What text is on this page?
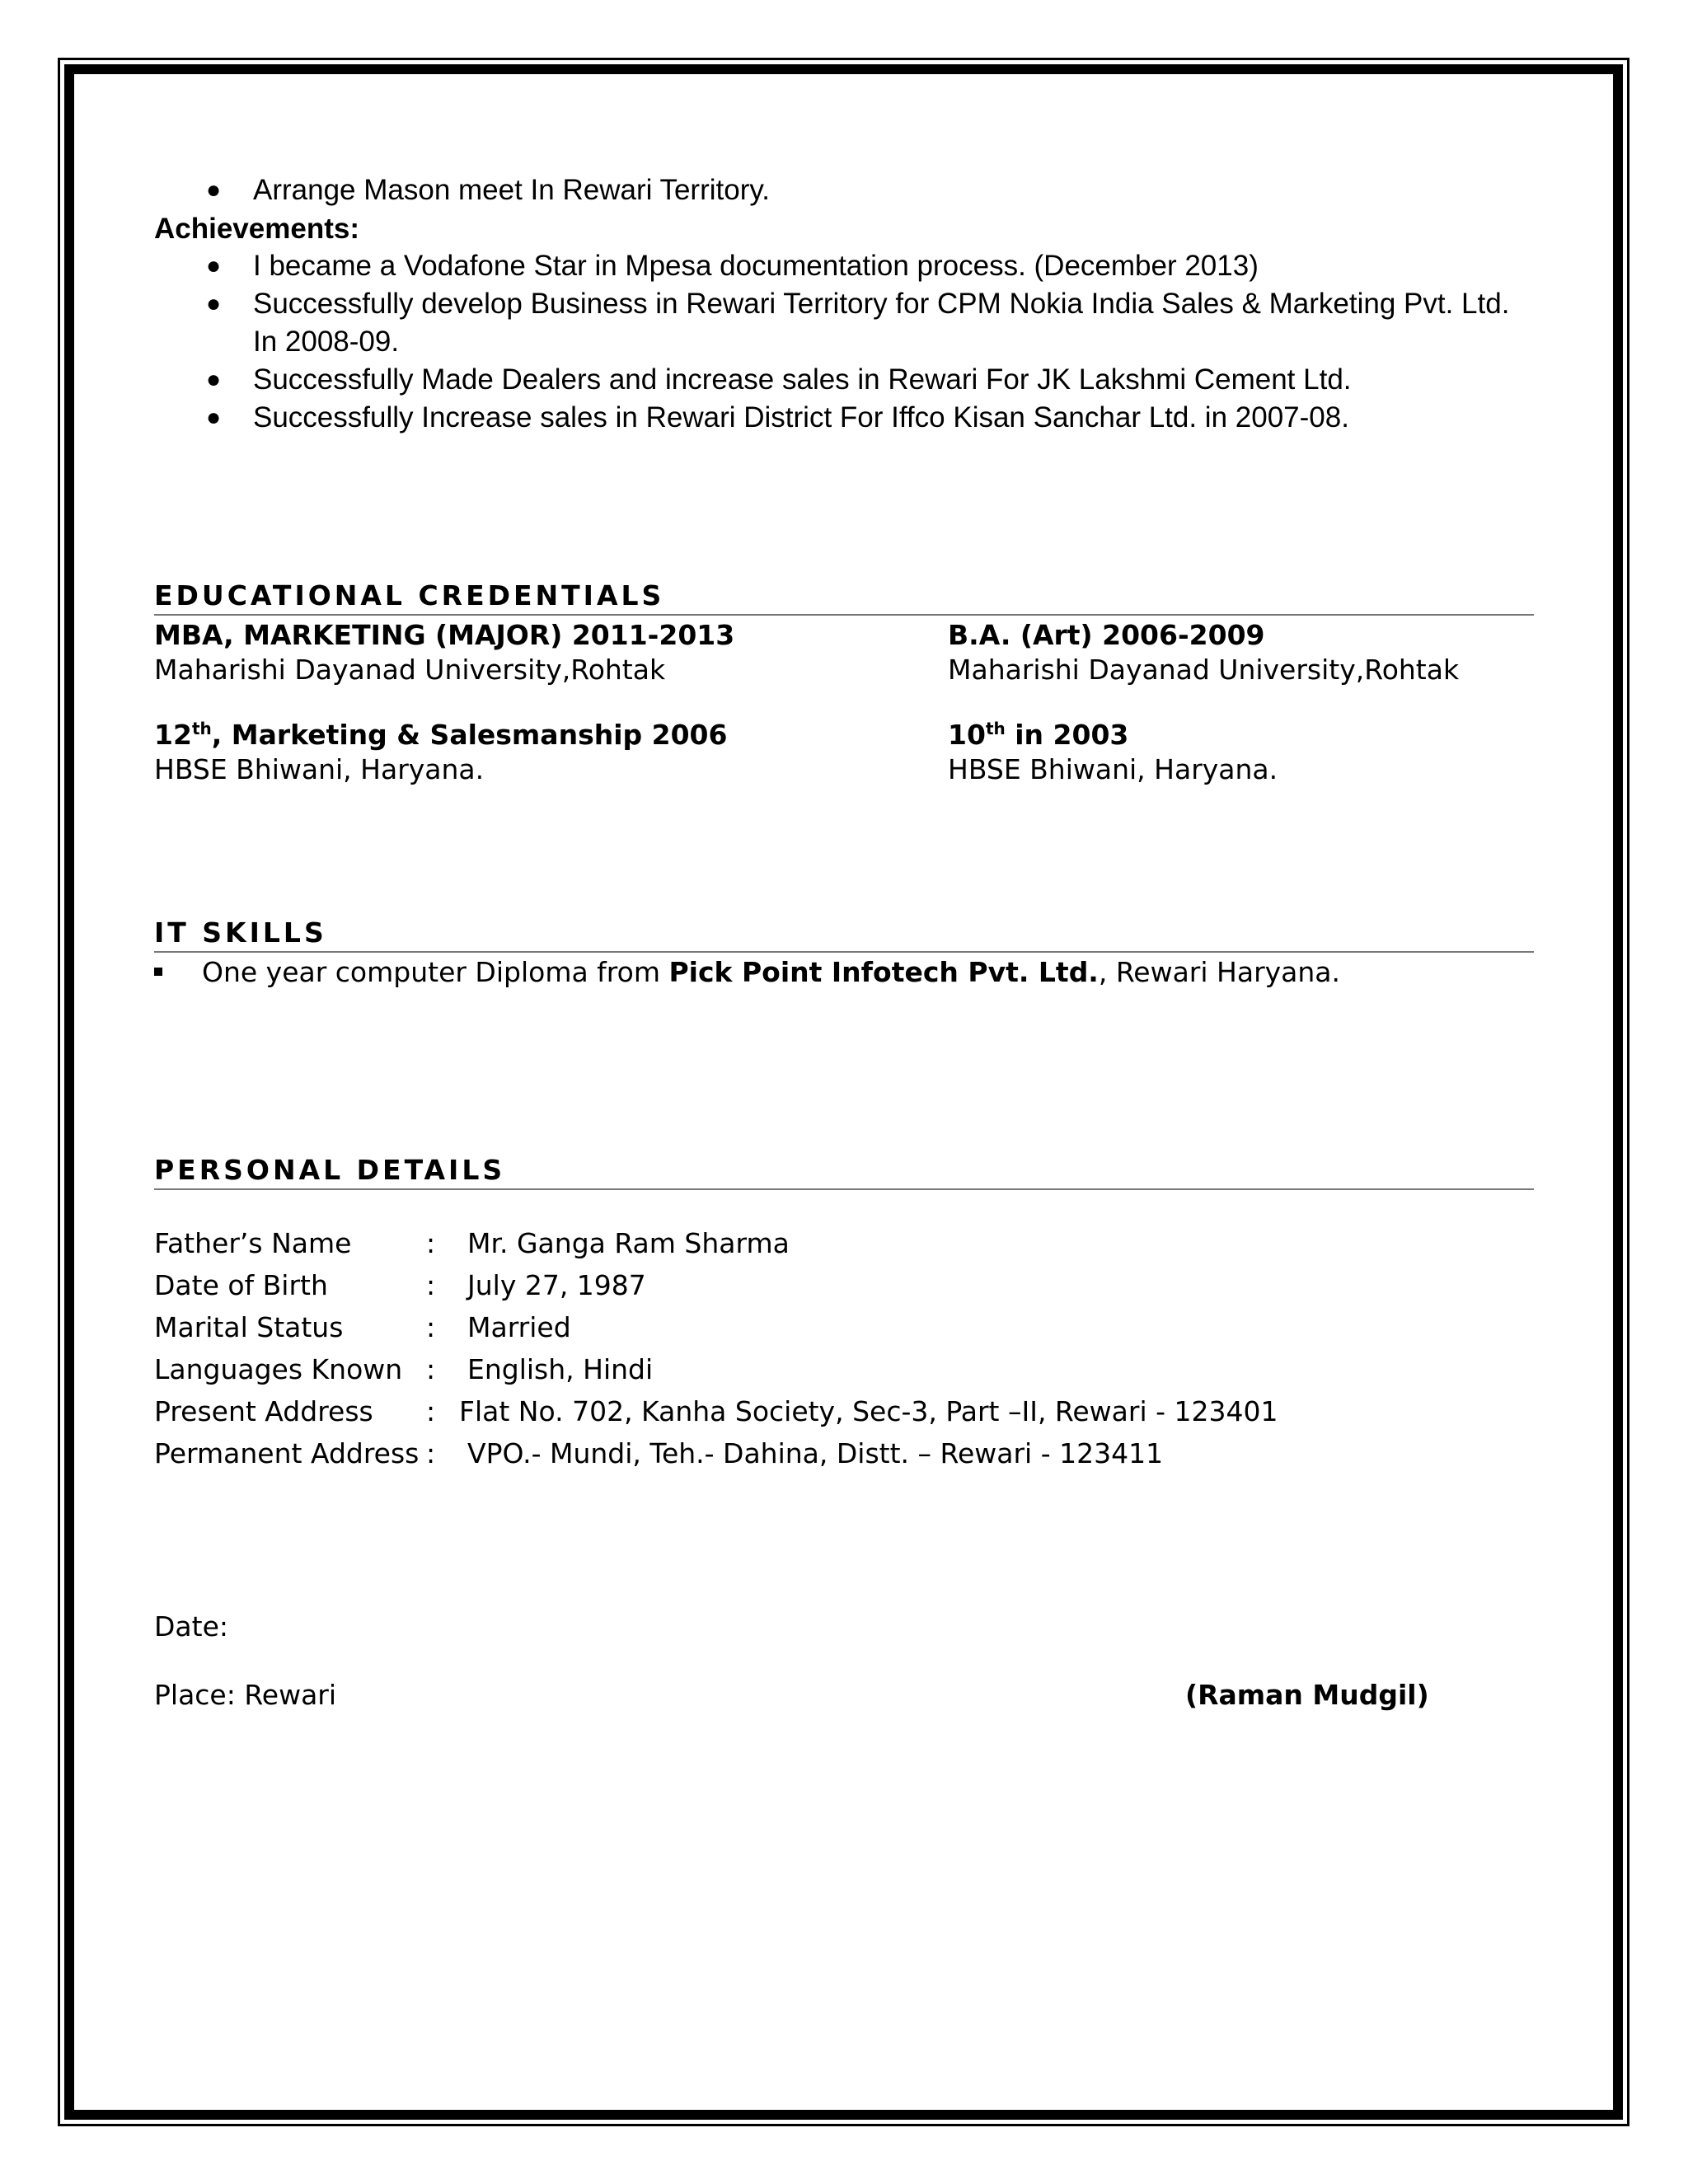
● Arrange Mason meet In Rewari Territory.
Achievements:
● I became a Vodafone Star in Mpesa documentation process. (December 2013)
● Successfully develop Business in Rewari Territory for CPM Nokia India Sales & Marketing Pvt. Ltd. In 2008-09.
● Successfully Made Dealers and increase sales in Rewari For JK Lakshmi Cement Ltd.
● Successfully Increase sales in Rewari District For Iffco Kisan Sanchar Ltd. in 2007-08.
EDUCATIONAL CREDENTIALS
MBA, MARKETING (MAJOR) 2011-2013
Maharishi Dayanad University,Rohtak
B.A. (Art) 2006-2009
Maharishi Dayanad University,Rohtak
12th, Marketing & Salesmanship 2006
HBSE Bhiwani, Haryana.
10th in 2003
HBSE Bhiwani, Haryana.
IT SKILLS
One year computer Diploma from Pick Point Infotech Pvt. Ltd., Rewari Haryana.
PERSONAL DETAILS
Father’s Name	: Mr. Ganga Ram Sharma
Date of Birth	: July 27, 1987
Marital Status	: Married
Languages Known : English, Hindi
Present Address : Flat No. 702, Kanha Society, Sec-3, Part –II, Rewari - 123401
Permanent Address : VPO.- Mundi, Teh.- Dahina, Distt. – Rewari - 123411
Date:
Place: Rewari	(Raman Mudgil)
